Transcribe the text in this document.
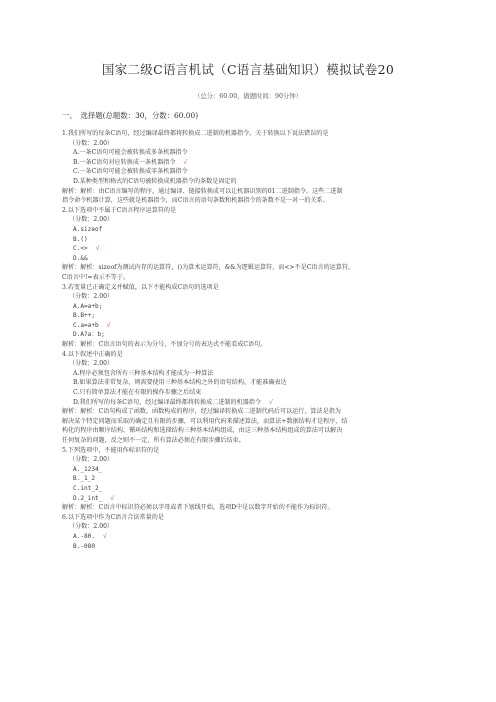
国家二级C语言机试（C语言基础知识）模拟试卷20
（总分：60.00，做题时间：90分钟）
一、　选择题(总题数：30，分数：60.00)
1.我们所写的每条C语句，经过编译最终都将转换成二进制的机器指令。关于转换以下说法错误的是
（分数：2.00）
A.一条C语句可能会被转换成多条机器指令
B.一条C语句对应转换成一条机器指令 √
C.一条C语句可能会被转换成零条机器指令
D.某种类型和格式的C语句被转换成机器指令的条数是固定的
解析：解析：由C语言编写的程序，通过编译、链接转换成可以让机器识别的01二进制指令。这些二进制
指令命令机器计算，这些就是机器指令，而C语言的语句条数和机器指令的条数不是一对一的关系。
2.以下选项中不属于C语言程序运算符的是
（分数：2.00）
A.sizeof
B.()
C.<> √
D.&&
解析：解析：sizeof为测试内存的运算符，()为算术运算符，&&为逻辑运算符，而<>不是C语言的运算符，
C语言中!=表示不等于。
3.若变量已正确定义并赋值，以下不能构成C语句的选项是
（分数：2.00）
A.A=a+b;
B.B++;
C.a=a+b √
D.A?a：b;
解析：解析：C语言语句的表示为分号，不加分号的表达式不能看成C语句。
4.以下叙述中正确的是
（分数：2.00）
A.程序必须包含所有三种基本结构才能成为一种算法
B.如果算法非常复杂，则需要使用三种基本结构之外的语句结构，才能准确表达
C.只有简单算法才能在有限的操作步骤之后结束
D.我们所写的每条C语句，经过编译最终都将转换成二进制的机器指令 √
解析：解析：C语句构成了函数，函数构成的程序，经过编译转换成二进制代码后可以运行，算法是指为
解决某个特定问题而采取的确定且有限的步骤，可以利用代码来描述算法，而算法+数据结构才是程序，结
构化的程序由顺序结构、循环结构和选择结构三种基本结构组成，由这三种基本结构组成的算法可以解决
任何复杂的问题，反之则不一定，所有算法必须在有限步骤后结束。
5.下列选项中，不能用作标识符的是
（分数：2.00）
A._1234_
B._1_2
C.int_2_
D.2_int_ √
解析：解析：C语言中标识符必须以字母或者下划线开始，选项D中是以数字开始的不能作为标识符。
6.以下选项中作为C语言合法常量的是
（分数：2.00）
A.-80. √
B.-080
